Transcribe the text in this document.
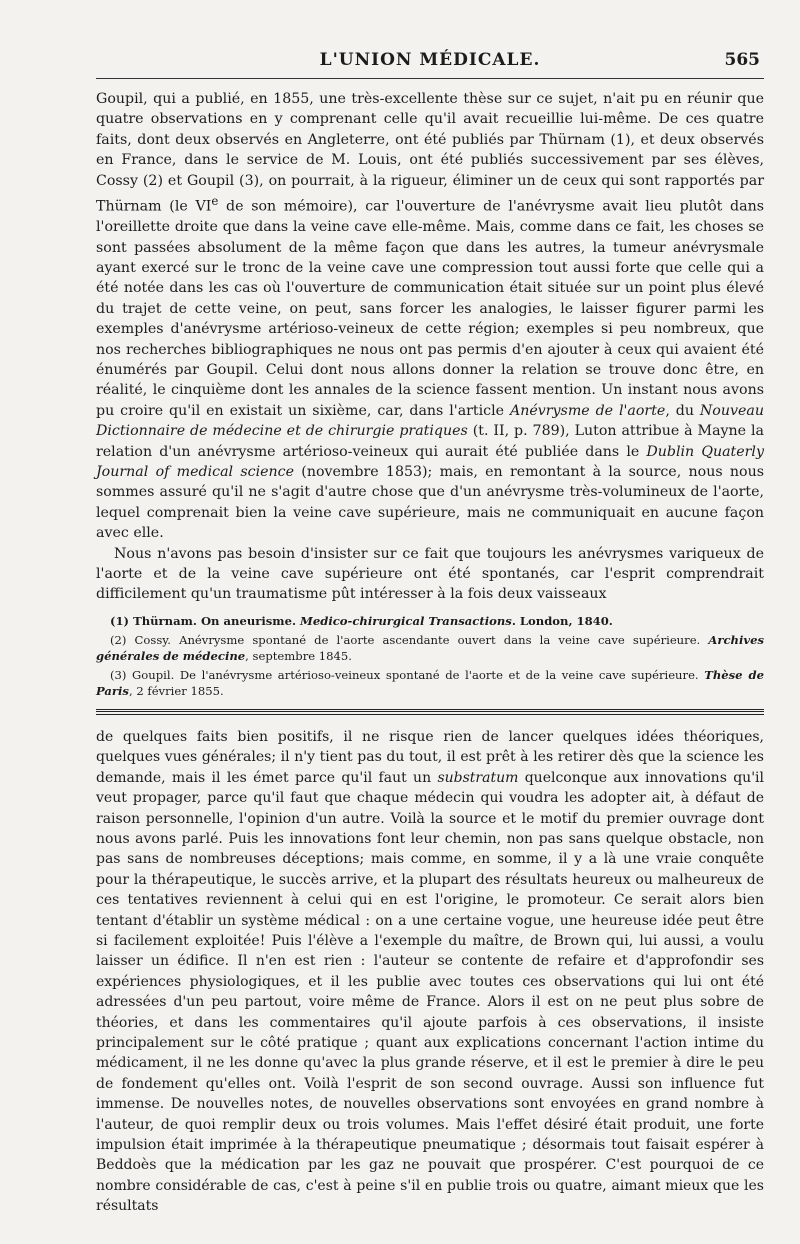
L'UNION MÉDICALE.	565

Goupil, qui a publié, en 1855, une très-excellente thèse sur ce sujet, n'ait pu en réunir que quatre observations en y comprenant celle qu'il avait recueillie lui-même. De ces quatre faits, dont deux observés en Angleterre, ont été publiés par Thürnam (1), et deux observés en France, dans le service de M. Louis, ont été publiés successivement par ses élèves, Cossy (2) et Goupil (3), on pourrait, à la rigueur, éliminer un de ceux qui sont rapportés par Thürnam (le VIe de son mémoire), car l'ouverture de l'anévrysme avait lieu plutôt dans l'oreillette droite que dans la veine cave elle-même. Mais, comme dans ce fait, les choses se sont passées absolument de la même façon que dans les autres, la tumeur anévrysmale ayant exercé sur le tronc de la veine cave une compression tout aussi forte que celle qui a été notée dans les cas où l'ouverture de communication était située sur un point plus élevé du trajet de cette veine, on peut, sans forcer les analogies, le laisser figurer parmi les exemples d'anévrysme artérioso-veineux de cette région; exemples si peu nombreux, que nos recherches bibliographiques ne nous ont pas permis d'en ajouter à ceux qui avaient été énumérés par Goupil. Celui dont nous allons donner la relation se trouve donc être, en réalité, le cinquième dont les annales de la science fassent mention. Un instant nous avons pu croire qu'il en existait un sixième, car, dans l'article Anévrysme de l'aorte, du Nouveau Dictionnaire de médecine et de chirurgie pratiques (t. II, p. 789), Luton attribue à Mayne la relation d'un anévrysme artérioso-veineux qui aurait été publiée dans le Dublin Quaterly Journal of medical science (novembre 1853); mais, en remontant à la source, nous nous sommes assuré qu'il ne s'agit d'autre chose que d'un anévrysme très-volumineux de l'aorte, lequel comprenait bien la veine cave supérieure, mais ne communiquait en aucune façon avec elle.

Nous n'avons pas besoin d'insister sur ce fait que toujours les anévrysmes variqueux de l'aorte et de la veine cave supérieure ont été spontanés, car l'esprit comprendrait difficilement qu'un traumatisme pût intéresser à la fois deux vaisseaux

(1) Thürnam. On aneurisme. Medico-chirurgical Transactions. London, 1840.

(2) Cossy. Anévrysme spontané de l'aorte ascendante ouvert dans la veine cave supérieure. Archives générales de médecine, septembre 1845.

(3) Goupil. De l'anévrysme artérioso-veineux spontané de l'aorte et de la veine cave supérieure. Thèse de Paris, 2 février 1855.

de quelques faits bien positifs, il ne risque rien de lancer quelques idées théoriques, quelques vues générales; il n'y tient pas du tout, il est prêt à les retirer dès que la science les demande, mais il les émet parce qu'il faut un substratum quelconque aux innovations qu'il veut propager, parce qu'il faut que chaque médecin qui voudra les adopter ait, à défaut de raison personnelle, l'opinion d'un autre. Voilà la source et le motif du premier ouvrage dont nous avons parlé. Puis les innovations font leur chemin, non pas sans quelque obstacle, non pas sans de nombreuses déceptions; mais comme, en somme, il y a là une vraie conquête pour la thérapeutique, le succès arrive, et la plupart des résultats heureux ou malheureux de ces tentatives reviennent à celui qui en est l'origine, le promoteur. Ce serait alors bien tentant d'établir un système médical : on a une certaine vogue, une heureuse idée peut être si facilement exploitée! Puis l'élève a l'exemple du maître, de Brown qui, lui aussi, a voulu laisser un édifice. Il n'en est rien : l'auteur se contente de refaire et d'approfondir ses expériences physiologiques, et il les publie avec toutes ces observations qui lui ont été adressées d'un peu partout, voire même de France. Alors il est on ne peut plus sobre de théories, et dans les commentaires qu'il ajoute parfois à ces observations, il insiste principalement sur le côté pratique ; quant aux explications concernant l'action intime du médicament, il ne les donne qu'avec la plus grande réserve, et il est le premier à dire le peu de fondement qu'elles ont. Voilà l'esprit de son second ouvrage. Aussi son influence fut immense. De nouvelles notes, de nouvelles observations sont envoyées en grand nombre à l'auteur, de quoi remplir deux ou trois volumes. Mais l'effet désiré était produit, une forte impulsion était imprimée à la thérapeutique pneumatique ; désormais tout faisait espérer à Beddoès que la médication par les gaz ne pouvait que prospérer. C'est pourquoi de ce nombre considérable de cas, c'est à peine s'il en publie trois ou quatre, aimant mieux que les résultats
